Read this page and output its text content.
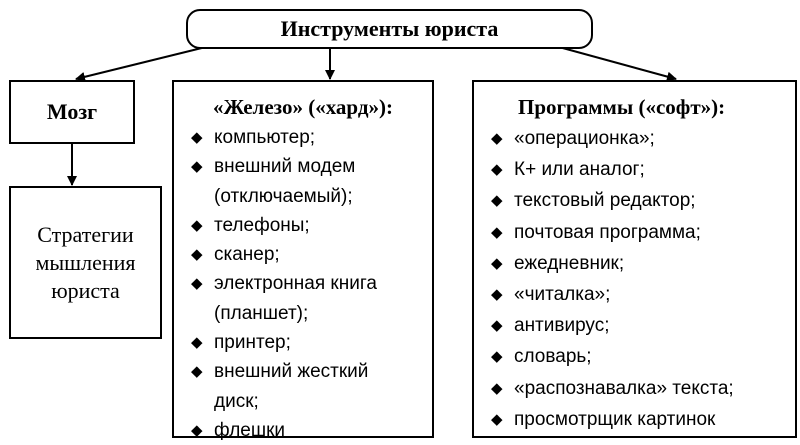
Инструменты юриста
Мозг
Стратегии
мышления
юриста
«Железо» («хард»):
◆ компьютер;
◆ внешний модем
(отключаемый);
◆ телефоны;
◆ сканер;
◆ электронная книга
(планшет);
◆ принтер;
◆ внешний жесткий
диск;
◆ флешки
Программы («софт»):
◆ «операционка»;
◆ К+ или аналог;
◆ текстовый редактор;
◆ почтовая программа;
◆ ежедневник;
◆ «читалка»;
◆ антивирус;
◆ словарь;
◆ «распознавалка» текста;
◆ просмотрщик картинок
